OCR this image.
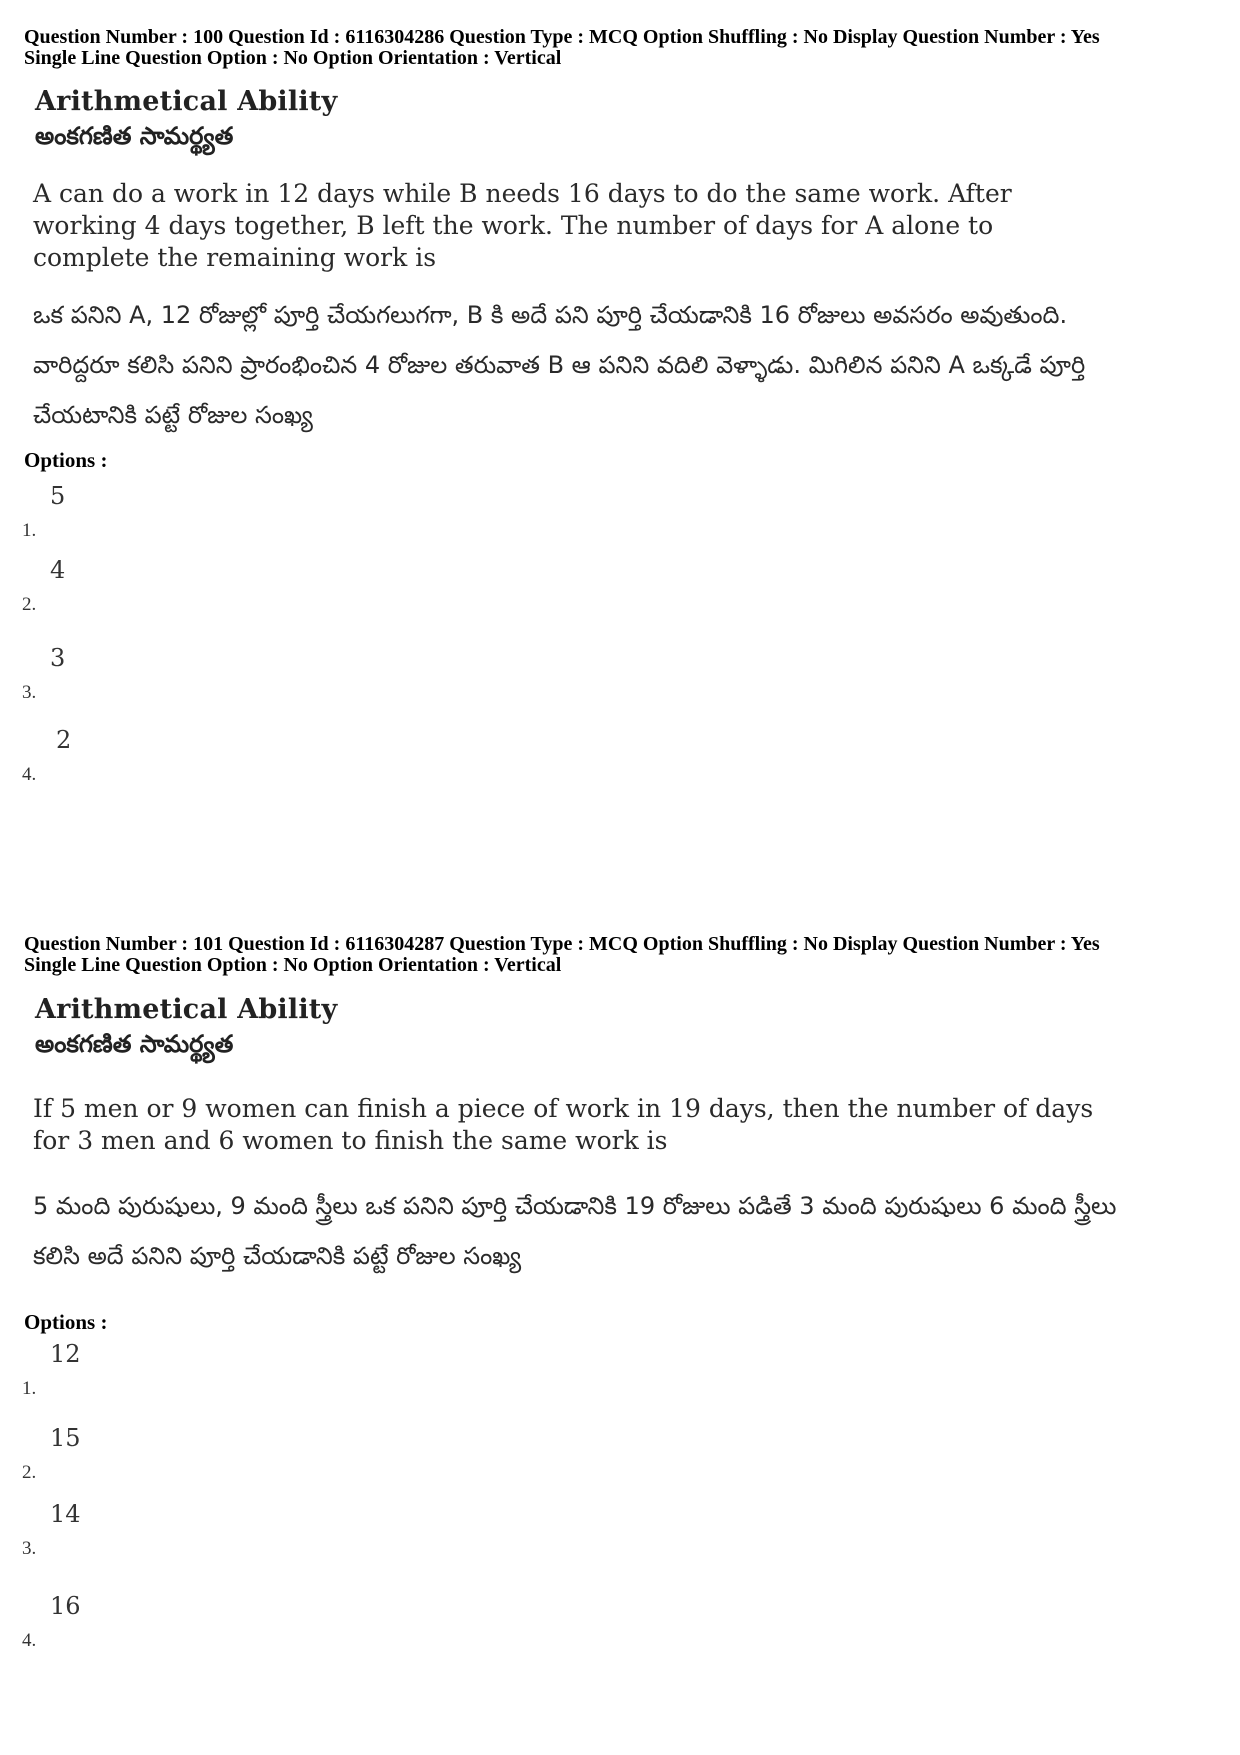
Question Number : 100 Question Id : 6116304286 Question Type : MCQ Option Shuffling : No Display Question Number : Yes
Single Line Question Option : No Option Orientation : Vertical
Arithmetical Ability
అంకగణిత సామర్థ్యత
A can do a work in 12 days while B needs 16 days to do the same work. After working 4 days together, B left the work. The number of days for A alone to complete the remaining work is
ఒక పనిని A, 12 రోజుల్లో పూర్తి చేయగలుగగా, B కి అదే పని పూర్తి చేయడానికి 16 రోజులు అవసరం అవుతుంది. వారిద్దరూ కలిసి పనిని ప్రారంభించిన 4 రోజుల తరువాత B ఆ పనిని వదిలి వెళ్ళాడు. మిగిలిన పనిని A ఒక్కడే పూర్తి చేయటానికి పట్టే రోజుల సంఖ్య
Options :
1.
5
2.
4
3.
3
4.
2
Question Number : 101 Question Id : 6116304287 Question Type : MCQ Option Shuffling : No Display Question Number : Yes
Single Line Question Option : No Option Orientation : Vertical
Arithmetical Ability
అంకగణిత సామర్థ్యత
If 5 men or 9 women can finish a piece of work in 19 days, then the number of days for 3 men and 6 women to finish the same work is
5 మంది పురుషులు, 9 మంది స్త్రీలు ఒక పనిని పూర్తి చేయడానికి 19 రోజులు పడితే 3 మంది పురుషులు 6 మంది స్త్రీలు కలిసి అదే పనిని పూర్తి చేయడానికి పట్టే రోజుల సంఖ్య
Options :
1.
12
2.
15
3.
14
4.
16
